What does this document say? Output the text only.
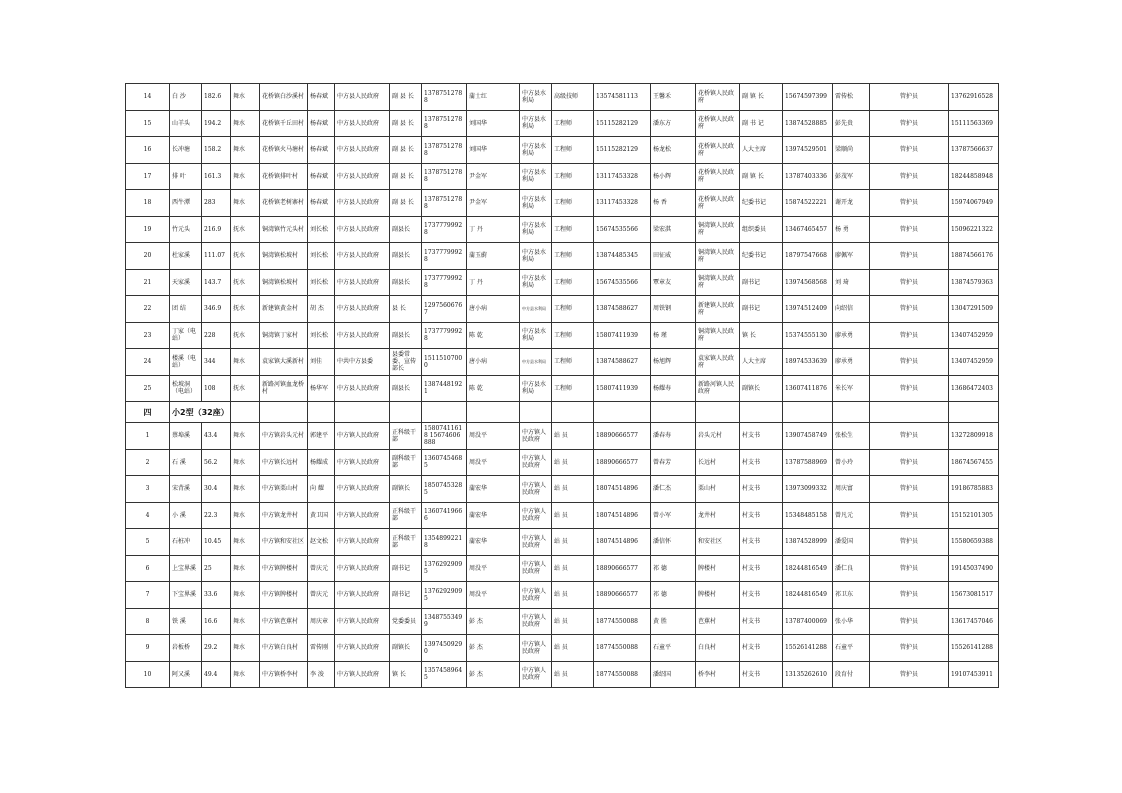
14	白 沙	182.6	舞水	花桥镇白沙溪村	杨春斌	中方县人民政府	副 县 长	13787512788	蒲士红	中方县水利局	高级技师	13574581113	王馨禾	花桥镇人民政府	副 镇 长	15674597399	雷传松	管护员	13762916528
15	山羊头	194.2	舞水	花桥镇千丘田村	杨春斌	中方县人民政府	副 县 长	13787512788	刘国华	中方县水利局	工程师	15115282129	潘东方	花桥镇人民政府	副 书 记	13874528885	彭先贵	管护员	15111563369
16	长冲塘	158.2	舞水	花桥镇火马塘村	杨春斌	中方县人民政府	副 县 长	13787512788	刘国华	中方县水利局	工程师	15115282129	杨龙松	花桥镇人民政府	人大主席	13974529501	梁顺尚	管护员	13787566637
17	排 叶	161.3	舞水	花桥镇排叶村	杨春斌	中方县人民政府	副 县 长	13787512788	尹金军	中方县水利局	工程师	13117453328	杨小辉	花桥镇人民政府	副 镇 长	13787403336	彭茂军	管护员	18244858948
18	西牛潭	283	舞水	花桥镇老树寨村	杨春斌	中方县人民政府	副 县 长	13787512788	尹金军	中方县水利局	工程师	13117453328	杨 香	花桥镇人民政府	纪委书记	15874522221	谢开龙	管护员	15974067949
19	竹元头	216.9	抚水	铜湾镇竹元头村	刘长松	中方县人民政府	副县长	17377799928	丁 丹	中方县水利局	工程师	15674535566	梁宏淇	铜湾镇人民政府	组织委员	13467465457	杨 勇	管护员	15096221322
20	杜家溪	111.07	抚水	铜湾镇松坡村	刘长松	中方县人民政府	副县长	17377799928	蒲玉蔚	中方县水利局	工程师	13874485345	田征威	铜湾镇人民政府	纪委书记	18797547668	廖佩军	管护员	18874566176
21	天家溪	143.7	抚水	铜湾镇松坡村	刘长松	中方县人民政府	副县长	17377799928	丁 丹	中方县水利局	工程师	15674535566	覃章友	铜湾镇人民政府	副书记	13974568568	刘 琦	管护员	13874579363
22	团 结	346.9	抚水	新建镇黄金村	胡 杰	中方县人民政府	县 长	12975606767	唐小病	中方县水利局	工程师	13874588627	周铁钢	新建镇人民政府	副书记	13974512409	向绍信	管护员	13047291509
23	丁家（电站）	228	抚水	铜湾镇丁家村	刘长松	中方县人民政府	副县长	17377799928	陈 乾	中方县水利局	工程师	15807411939	杨 瑾	铜湾镇人民政府	镇 长	15374555130	廖承勇	管护员	13407452959
24	楼溪（电站）	344	舞水	袁家镇大溪新村	刘佳	中共中方县委	县委常委、宣传部长	15115107000	唐小病	中方县水利局	工程师	13874588627	杨旭辉	袁家镇人民政府	人大主席	18974533639	廖承勇	管护员	13407452959
25	松坡洞（电站）	108	抚水	新路河镇血龙桥村	杨华军	中方县人民政府	副县长	13874481921	陈 乾	中方县水利局	工程师	15807411939	杨耀寿	新路河镇人民政府	副镇长	13607411876	米长军	管护员	13686472403
四	小2型（32座）																		
1	蔡埠溪	43.4	舞水	中方镇岩头元村	郭建平	中方镇人民政府	正科级干部	15807411618 15674606888	周没平	中方镇人民政府	站 员	18890666577	潘春寿	岩头元村	村支书	13907458749	张松生	管护员	13272809918
2	石 溪	56.2	舞水	中方镇长远村	杨耀成	中方镇人民政府	副科级干部	13607454685	周没平	中方镇人民政府	站 员	18890666577	曾春芳	长远村	村支书	13787588969	曾小玲	管护员	18674567455
3	宋背溪	30.4	舞水	中方镇栗山村	向 耀	中方镇人民政府	副镇长	18507453285	蒲宏华	中方镇人民政府	站 员	18074514896	潘仁杰	栗山村	村支书	13973099332	周庆富	管护员	19186785883
4	小 溪	22.3	舞水	中方镇龙井村	黄卫国	中方镇人民政府	正科级干部	13607419666	蒲宏华	中方镇人民政府	站 员	18074514896	曾小军	龙井村	村支书	15348485158	曾凡元	管护员	15152101305
5	石桩冲	10.45	舞水	中方镇和安社区	赵文松	中方镇人民政府	正科级干部	13548992218	蒲宏华	中方镇人民政府	站 员	18074514896	潘信怀	和安社区	村支书	13874528999	潘爱国	管护员	15580659388
6	上宝界溪	25	舞水	中方镇牌楼村	曾庆元	中方镇人民政府	副书记	13762929095	周没平	中方镇人民政府	站 员	18890666577	祁 德	牌楼村	村支书	18244816549	潘仁良	管护员	19145037490
7	下宝界溪	33.6	舞水	中方镇牌楼村	曾庆元	中方镇人民政府	副书记	13762929095	周没平	中方镇人民政府	站 员	18890666577	祁 德	牌楼村	村支书	18244816549	祁卫东	管护员	15673081517
8	铁 溪	16.6	舞水	中方镇芭蕉村	周庆章	中方镇人民政府	党委委员	13487553499	彭 杰	中方镇人民政府	站 员	18774550088	黄 胜	芭蕉村	村支书	13787400069	张小华	管护员	13617457046
9	岩板桥	29.2	舞水	中方镇白良村	雷传刚	中方镇人民政府	副镇长	13974509290	彭 杰	中方镇人民政府	站 员	18774550088	石童平	白良村	村支书	15526141288	石童平	管护员	15526141288
10	阿又溪	49.4	舞水	中方镇桥李村	李 浚	中方镇人民政府	镇 长	13574589645	彭 杰	中方镇人民政府	站 员	18774550088	潘绍国	桥李村	村支书	13135262610	段育付	管护员	19107453911
